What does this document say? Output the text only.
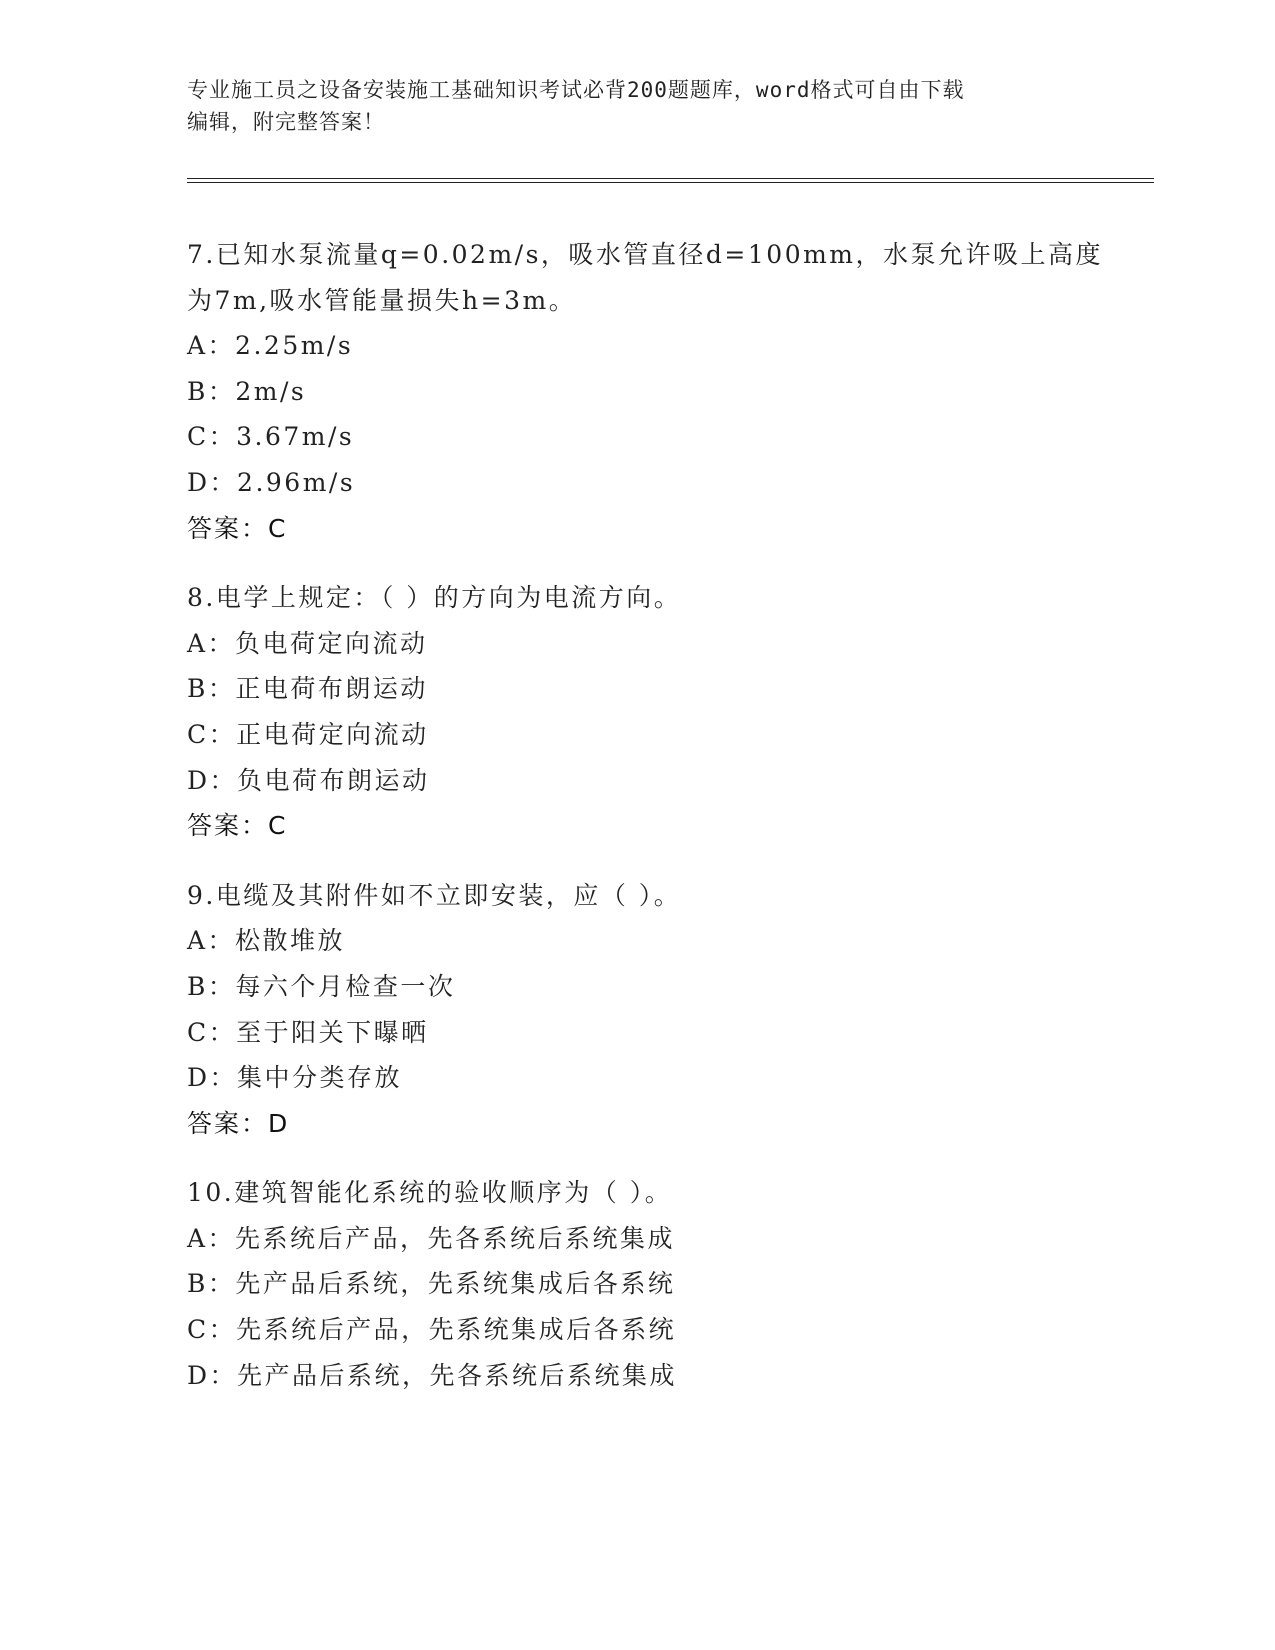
专业施工员之设备安装施工基础知识考试必背200题题库，word格式可自由下载
编辑，附完整答案！
7.已知水泵流量q=0.02m/s，吸水管直径d=100mm，水泵允许吸上高度
为7m,吸水管能量损失h=3m。
A：2.25m/s
B：2m/s
C：3.67m/s
D：2.96m/s
答案：C
8.电学上规定：（ ）的方向为电流方向。
A：负电荷定向流动
B：正电荷布朗运动
C：正电荷定向流动
D：负电荷布朗运动
答案：C
9.电缆及其附件如不立即安装，应（ ）。
A：松散堆放
B：每六个月检查一次
C：至于阳关下曝晒
D：集中分类存放
答案：D
10.建筑智能化系统的验收顺序为（ ）。
A：先系统后产品，先各系统后系统集成
B：先产品后系统，先系统集成后各系统
C：先系统后产品，先系统集成后各系统
D：先产品后系统，先各系统后系统集成
